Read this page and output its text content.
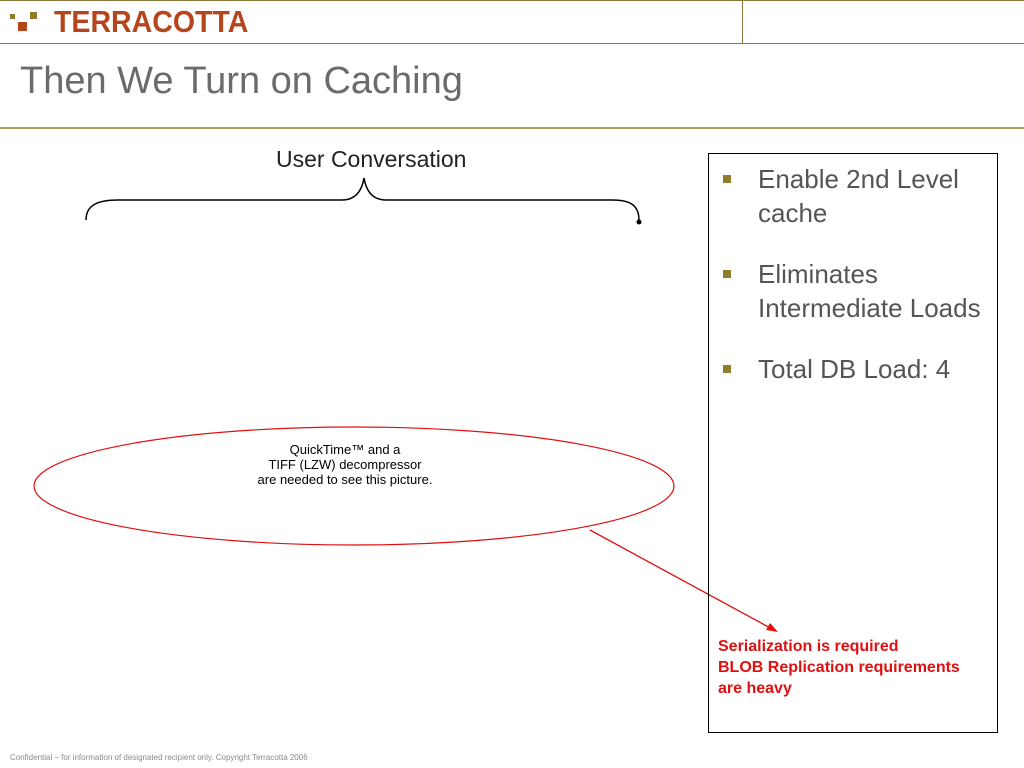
TERRACOTTA
Then We Turn on Caching
User Conversation
QuickTime™ and a
TIFF (LZW) decompressor
are needed to see this picture.
Enable 2nd Level cache
Eliminates Intermediate Loads
Total DB Load: 4
Serialization is required
BLOB Replication requirements
are heavy
Confidential – for information of designated recipient only. Copyright Terracotta 2006
